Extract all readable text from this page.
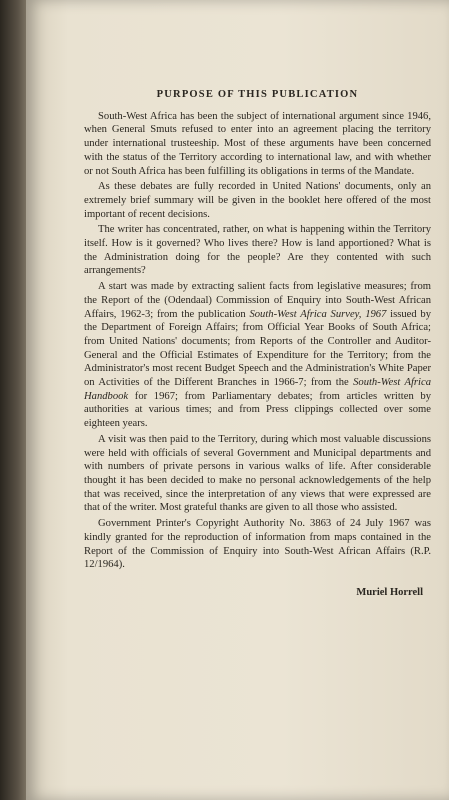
PURPOSE OF THIS PUBLICATION

South-West Africa has been the subject of international argument since 1946, when General Smuts refused to enter into an agreement placing the territory under international trusteeship. Most of these arguments have been concerned with the status of the Territory according to international law, and with whether or not South Africa has been fulfilling its obligations in terms of the Mandate.

As these debates are fully recorded in United Nations' documents, only an extremely brief summary will be given in the booklet here offered of the most important of recent decisions.

The writer has concentrated, rather, on what is happening within the Territory itself. How is it governed? Who lives there? How is land apportioned? What is the Administration doing for the people? Are they contented with such arrangements?

A start was made by extracting salient facts from legislative measures; from the Report of the (Odendaal) Commission of Enquiry into South-West African Affairs, 1962-3; from the publication South-West Africa Survey, 1967 issued by the Department of Foreign Affairs; from Official Year Books of South Africa; from United Nations' documents; from Reports of the Controller and Auditor-General and the Official Estimates of Expenditure for the Territory; from the Administrator's most recent Budget Speech and the Administration's White Paper on Activities of the Different Branches in 1966-7; from the South-West Africa Handbook for 1967; from Parliamentary debates; from articles written by authorities at various times; and from Press clippings collected over some eighteen years.

A visit was then paid to the Territory, during which most valuable discussions were held with officials of several Government and Municipal departments and with numbers of private persons in various walks of life. After considerable thought it has been decided to make no personal acknowledgements of the help that was received, since the interpretation of any views that were expressed are that of the writer. Most grateful thanks are given to all those who assisted.

Government Printer's Copyright Authority No. 3863 of 24 July 1967 was kindly granted for the reproduction of information from maps contained in the Report of the Commission of Enquiry into South-West African Affairs (R.P. 12/1964).

Muriel Horrell
